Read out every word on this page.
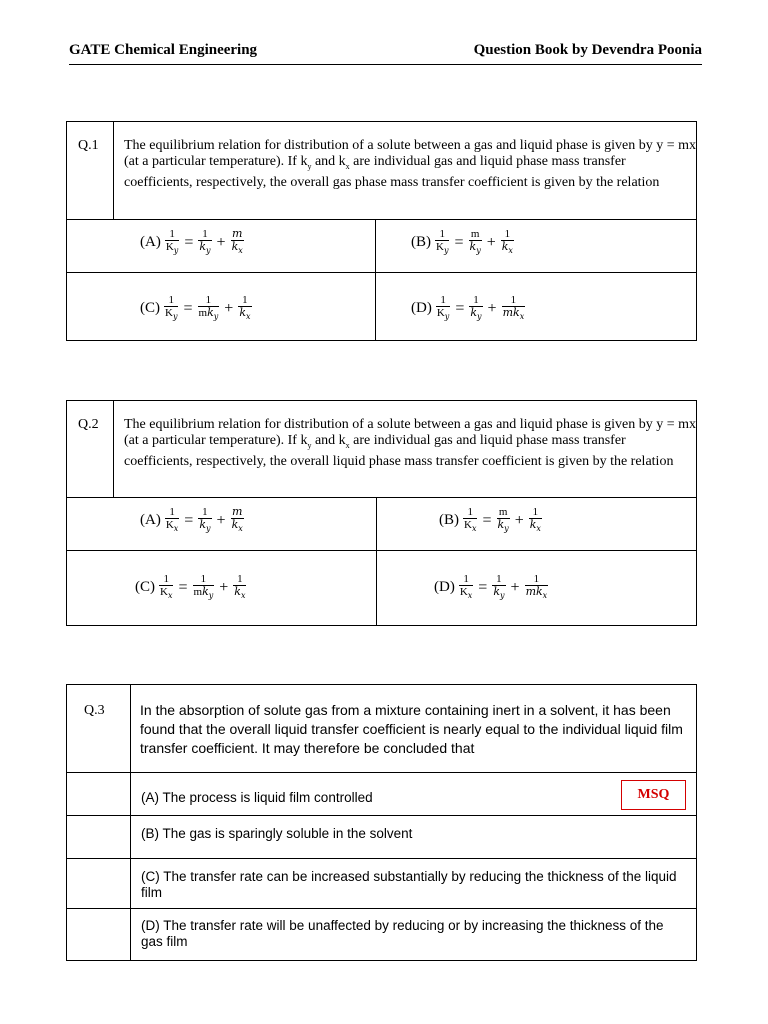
GATE Chemical Engineering	Question Book by Devendra Poonia
Q.1 The equilibrium relation for distribution of a solute between a gas and liquid phase is given by y = mx (at a particular temperature). If $k_y$ and $k_x$ are individual gas and liquid phase mass transfer coefficients, respectively, the overall gas phase mass transfer coefficient is given by the relation
$(A) \frac{1}{K_y} = \frac{1}{k_y} + \frac{m}{k_x}$	$(B) \frac{1}{K_y} = \frac{m}{k_y} + \frac{1}{k_x}$
$(C) \frac{1}{K_y} = \frac{1}{mk_y} + \frac{1}{k_x}$	$(D) \frac{1}{K_y} = \frac{1}{k_y} + \frac{1}{mk_x}$
Q.2 The equilibrium relation for distribution of a solute between a gas and liquid phase is given by y = mx (at a particular temperature). If $k_y$ and $k_x$ are individual gas and liquid phase mass transfer coefficients, respectively, the overall liquid phase mass transfer coefficient is given by the relation
$(A) \frac{1}{K_x} = \frac{1}{k_y} + \frac{m}{k_x}$	$(B) \frac{1}{K_x} = \frac{m}{k_y} + \frac{1}{k_x}$
$(C) \frac{1}{K_x} = \frac{1}{mk_y} + \frac{1}{k_x}$	$(D) \frac{1}{K_x} = \frac{1}{k_y} + \frac{1}{mk_x}$
Q.3	In the absorption of solute gas from a mixture containing inert in a solvent, it has been found that the overall liquid transfer coefficient is nearly equal to the individual liquid film transfer coefficient. It may therefore be concluded that
(A) The process is liquid film controlled
(B) The gas is sparingly soluble in the solvent
(C) The transfer rate can be increased substantially by reducing the thickness of the liquid film
(D) The transfer rate will be unaffected by reducing or by increasing the thickness of the gas film
MSQ
